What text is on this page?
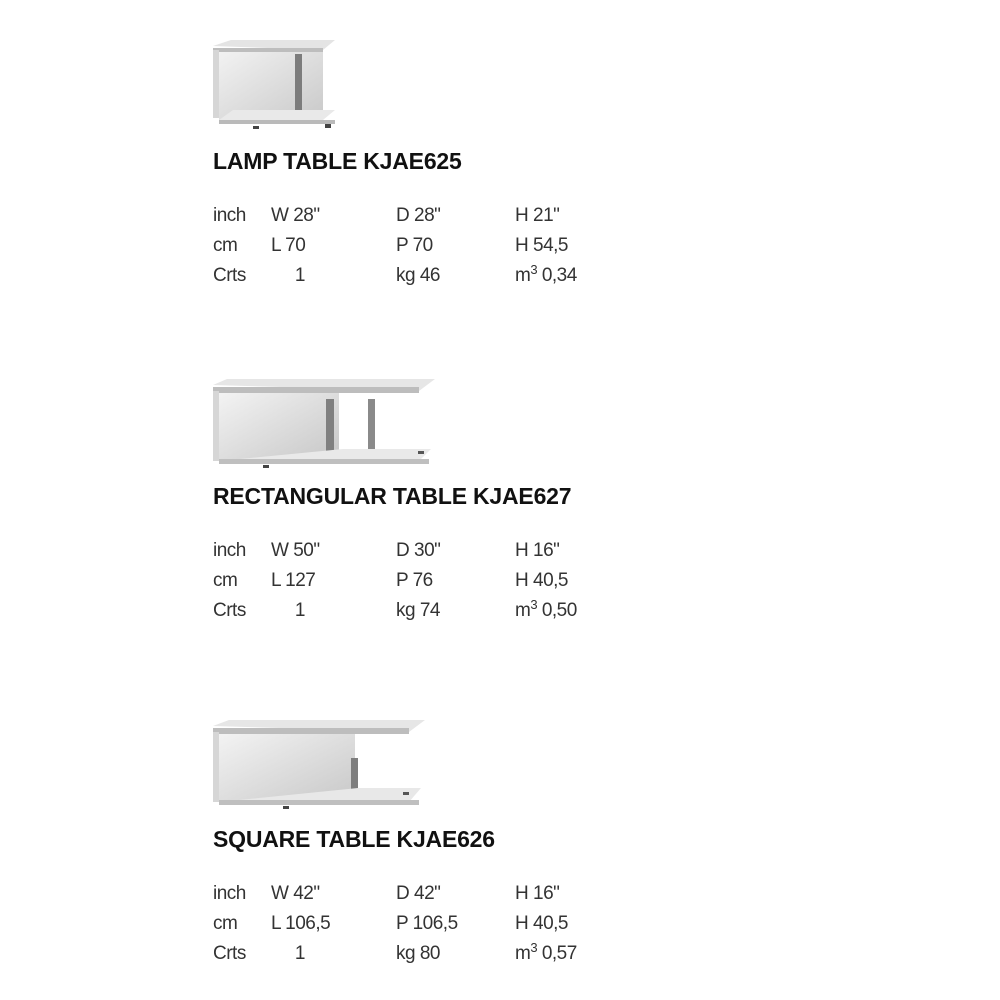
LAMP TABLE KJAE625
inch W 28"	D 28"	H 21"
cm L 70	P 70	H 54,5
Crts 1	kg 46	$m^3$ 0,34
RECTANGULAR TABLE KJAE627
inch W 50"	D 30"	H 16"
cm L 127	P 76	H 40,5
Crts 1	kg 74	$m^3$ 0,50
SQUARE TABLE KJAE626
inch W 42"	D 42"	H 16"
cm L 106,5	P 106,5	H 40,5
Crts 1	kg 80	$m^3$ 0,57
